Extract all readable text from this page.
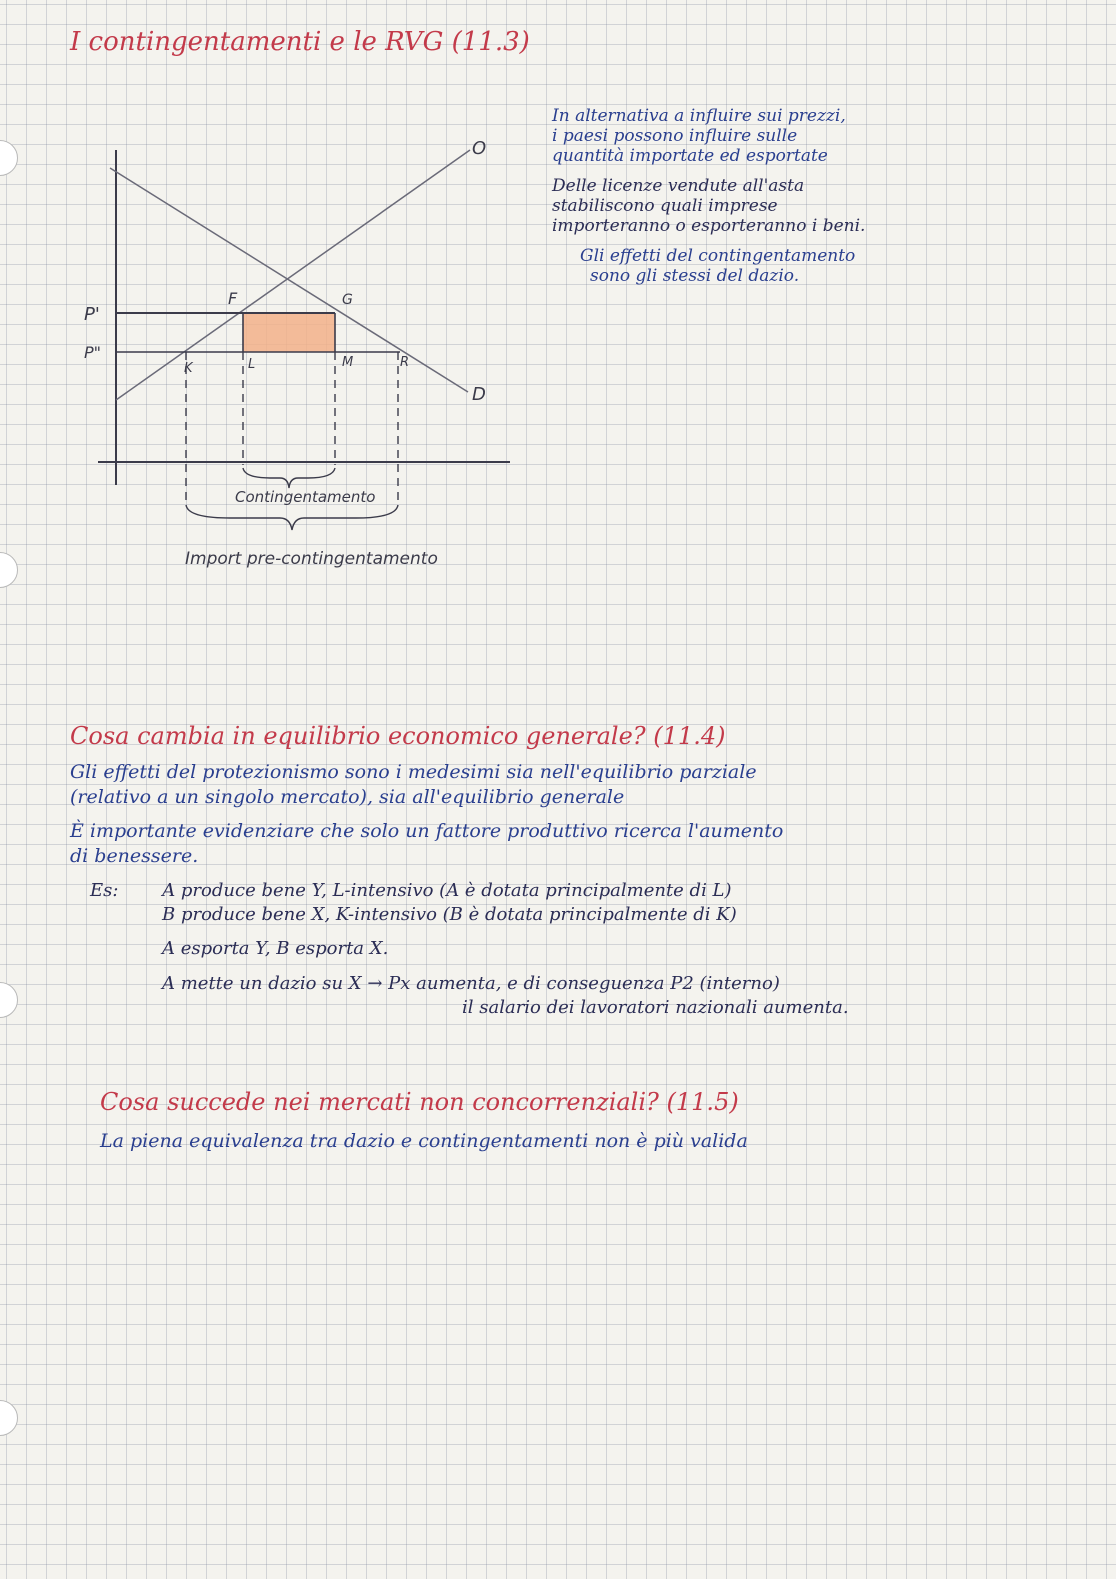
I contingentamenti e le RVG (11.3)
O
D
P'
P"
F	G
K	L	M	R
Contingentamento
Import pre-contingentamento
In alternativa a influire sui prezzi,
i paesi possono influire sulle
quantità importate ed esportate
Delle licenze vendute all'asta
stabiliscono quali imprese
importeranno o esporteranno i beni.
Gli effetti del contingentamento
sono gli stessi del dazio.
Cosa cambia in equilibrio economico generale? (11.4)
Gli effetti del protezionismo sono i medesimi sia nell'equilibrio parziale
(relativo a un singolo mercato), sia all'equilibrio generale
È importante evidenziare che solo un fattore produttivo ricerca l'aumento
di benessere.
Es: A produce bene Y, L-intensivo (A è dotata principalmente di L)
B produce bene X, K-intensivo (B è dotata principalmente di K)
A esporta Y, B esporta X.
A mette un dazio su X → Px aumenta, e di conseguenza P2 (interno)
il salario dei lavoratori nazionali aumenta.
Cosa succede nei mercati non concorrenziali? (11.5)
La piena equivalenza tra dazio e contingentamenti non è più valida
